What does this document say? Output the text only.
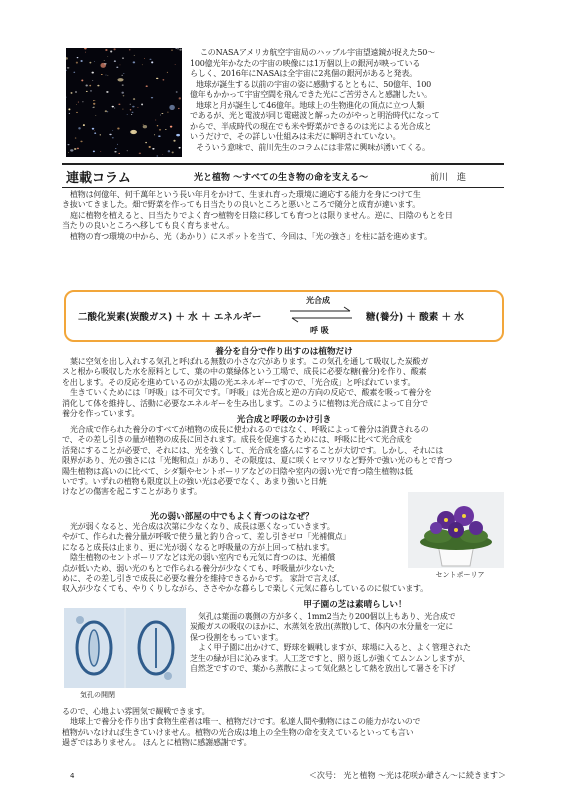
このNASAアメリカ航空宇宙局のハッブル宇宙望遠鏡が捉えた50～
100億光年かなたの宇宙の映像には1万個以上の銀河が映っている
らしく、2016年にNASAは全宇宙に2兆個の銀河があると発表。
地球が誕生する以前の宇宙の姿に感動するとともに、50億年、100
億年もかかって宇宙空間を飛んできた光にご苦労さんと感謝したい。
地球と月が誕生して46億年。地球上の生物進化の頂点に立つ人類
であるが、光と電波が同じ電磁波と解ったのがやっと明治時代になって
からで、半成時代の現在でも米や野菜ができるのは光による光合成と
いうだけで、その詳しい仕組みは未だに解明されていない。
そういう意味で、前川先生のコラムには非常に興味が湧いてくる。
連載コラム	光と植物 ～すべての生き物の命を支える～	前川　進
植物は何億年、何千萬年という長い年月をかけて、生まれ育った環境に適応する能力を身につけて生
き抜いてきました。畑で野菜を作っても日当たりの良いところと悪いところで随分と成育が違います。
庭に植物を植えると、日当たりでよく育つ植物を日陰に移しても育つとは限りません。逆に、日陰のもとを日
当たりの良いところへ移しても良く育ちません。
植物の育つ環境の中から、光（あかり）にスポットを当て、今回は、「光の強さ」を柱に話を進めます。
二酸化炭素(炭酸ガス) ＋ 水 ＋ エネルギー
光合成
呼 吸
糖(養分) ＋ 酸素 ＋ 水
養分を自分で作り出すのは植物だけ
葉に空気を出し入れする気孔と呼ばれる無数の小さな穴があります。この気孔を通して吸収した炭酸ガ
スと根から吸収した水を原料として、葉の中の葉緑体という工場で、成長に必要な糖(養分)を作り、酸素
を出します。その反応を進めているのが太陽の光エネルギーですので、「光合成」と呼ばれています。
生きていくためには「呼吸」は不可欠です。「呼吸」は光合成と逆の方向の反応で、酸素を吸って養分を
消化して体を維持し、活動に必要なエネルギーを生み出します。このように植物は光合成によって自分で
養分を作っています。
光合成と呼吸のかけ引き
光合成で作られた養分のすべてが植物の成長に使われるのではなく、呼吸によって養分は消費されるの
で、その差し引きの量が植物の成長に回されます。成長を促進するためには、呼吸に比べて光合成を
活発にすることが必要で、それには、光を強くして、光合成を盛んにすることが大切です。しかし、それには
限界があり、光の強さには「光飽和点」があり、その限度は、夏に咲くヒマワリなど野外で強い光のもとで育つ
陽生植物は高いのに比べて、シダ類やセントポーリアなどの日陰や室内の弱い光で育つ陰生植物は低
いです。いずれの植物も限度以上の強い光は必要でなく、あまり強いと日焼
けなどの傷害を起こすことがあります。
光の弱い部屋の中でもよく育つのはなぜ？
光が弱くなると、光合成は次第に少なくなり、成長は悪くなっていきます。
やがて、作られた養分量が呼吸で使う量と釣り合って、差し引きゼロ「光補償点」
になると成長は止まり、更に光が弱くなると呼吸量の方が上回って枯れます。
陰生植物のセントポーリアなどは光の弱い室内でも元気に育つのは、光補償
点が低いため、弱い光のもとで作られる養分が少なくても、呼吸量が少ないた
めに、その差し引きで成長に必要な養分を維持できるからです。 家計で言えば、
収入が少なくても、やりくりしながら、ささやかな暮らしで楽しく元気に暮らしているのに似ています。
セントポーリア
甲子園の芝は素晴らしい！
気孔の開閉
気孔は葉面の裏側の方が多く、1mm2当たり200個以上もあり、光合成で
炭酸ガスの吸収のほかに、水蒸気を放出(蒸散)して、体内の水分量を一定に
保つ役割をもっています。
よく甲子園に出かけて、野球を観戦しますが、球場に入ると、よく管理された
芝生の緑が目に沁みます。人工芝ですと、照り返しが強くてムンムンしますが、
自然芝ですので、葉から蒸散によって気化熱として熱を放出して暑さを下げ
るので、心地よい雰囲気で観戦できます。
地球上で養分を作り出す食物生産者は唯一、植物だけです。私達人間や動物にはこの能力がないので
植物がいなければ生きていけません。植物の光合成は地上の全生物の命を支えているといっても言い
過ぎではありません。 ほんとに植物に感謝感謝です。
＜次号： 光と植物 ～光は花咲か爺さん～に続きます＞
4
